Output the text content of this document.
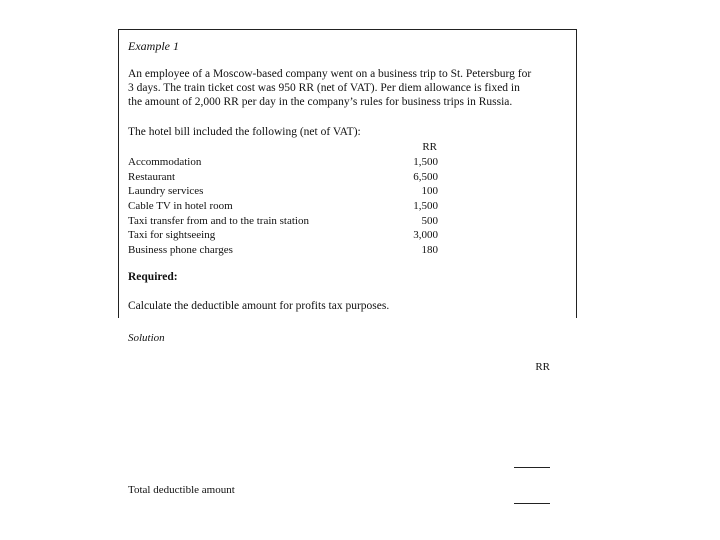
Example 1

An employee of a Moscow-based company went on a business trip to St. Petersburg for

3 days. The train ticket cost was 950 RR (net of VAT). Per diem allowance is fixed in

the amount of 2,000 RR per day in the company’s rules for business trips in Russia.

The hotel bill included the following (net of VAT):
RR
Accommodation	1,500
Restaurant	6,500
Laundry services	100
Cable TV in hotel room	1,500
Taxi transfer from and to the train station	500
Taxi for sightseeing	3,000
Business phone charges	180
Required:
Calculate the deductible amount for profits tax purposes.
Solution
RR
Total deductible amount
